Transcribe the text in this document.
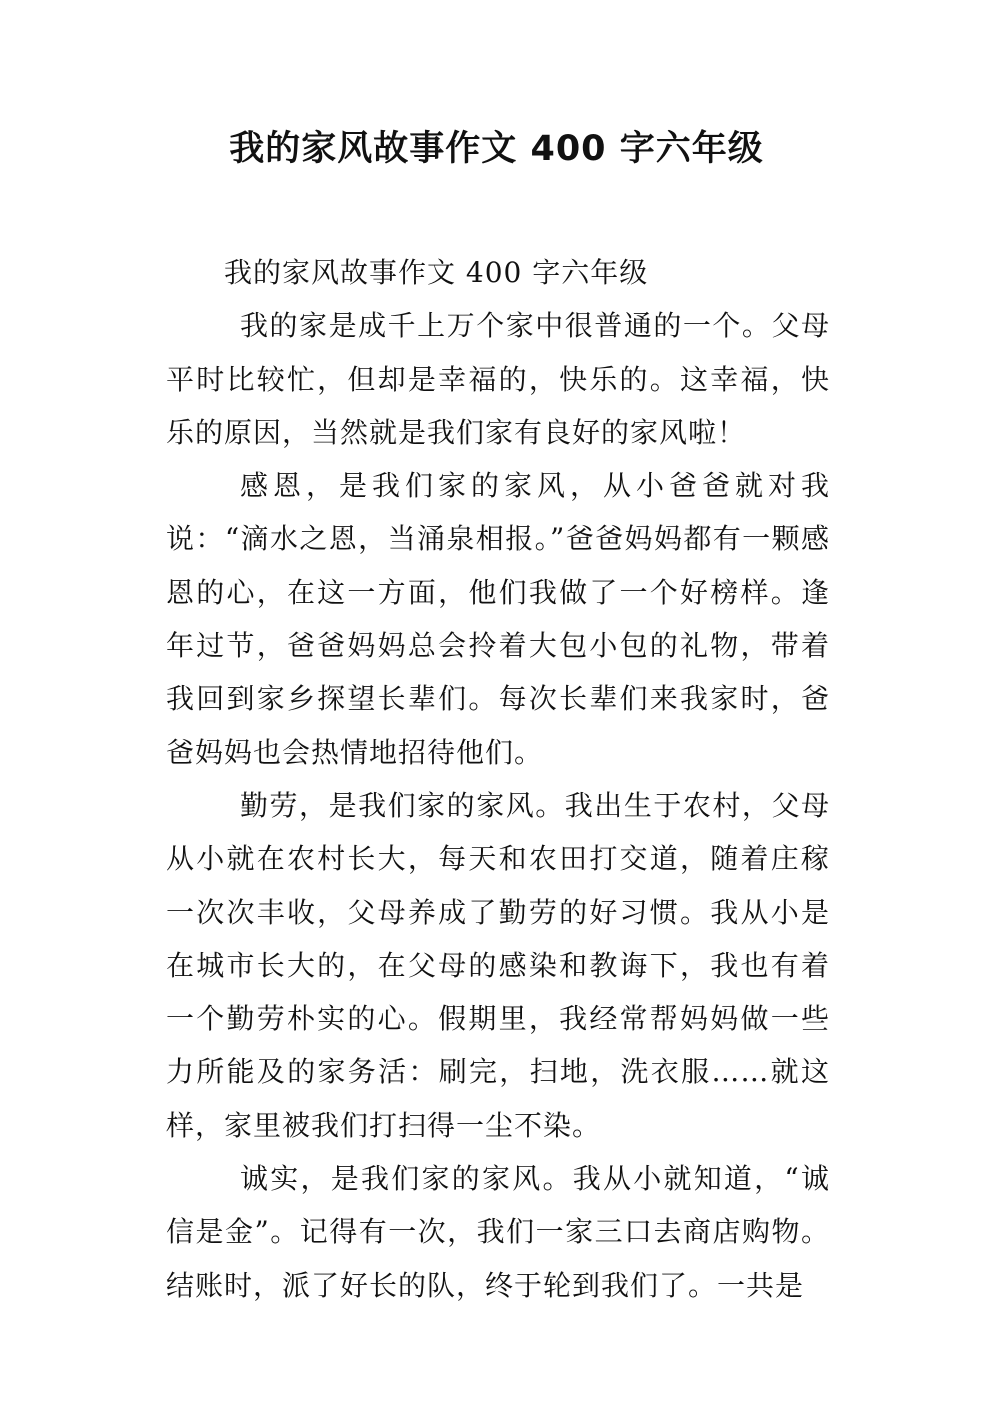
我的家风故事作文 400 字六年级

我的家风故事作文 400 字六年级

我的家是成千上万个家中很普通的一个。父母平时比较忙，但却是幸福的，快乐的。这幸福，快乐的原因，当然就是我们家有良好的家风啦！

感恩，是我们家的家风，从小爸爸就对我说：“滴水之恩，当涌泉相报。”爸爸妈妈都有一颗感恩的心，在这一方面，他们我做了一个好榜样。逢年过节，爸爸妈妈总会拎着大包小包的礼物，带着我回到家乡探望长辈们。每次长辈们来我家时，爸爸妈妈也会热情地招待他们。

勤劳，是我们家的家风。我出生于农村，父母从小就在农村长大，每天和农田打交道，随着庄稼一次次丰收，父母养成了勤劳的好习惯。我从小是在城市长大的，在父母的感染和教诲下，我也有着一个勤劳朴实的心。假期里，我经常帮妈妈做一些力所能及的家务活：刷完，扫地，洗衣服……就这样，家里被我们打扫得一尘不染。

诚实，是我们家的家风。我从小就知道，“诚信是金”。记得有一次，我们一家三口去商店购物。结账时，派了好长的队，终于轮到我们了。一共是
